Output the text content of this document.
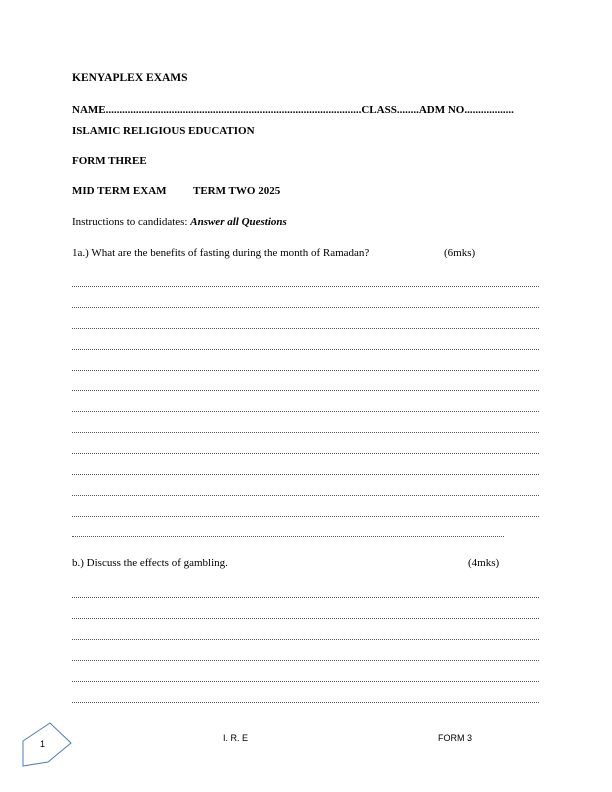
KENYAPLEX EXAMS
NAME.............................................................................................CLASS........ADM NO..................
ISLAMIC RELIGIOUS EDUCATION
FORM THREE
MID TERM EXAM TERM TWO 2025
Instructions to candidates: Answer all Questions
1a.) What are the benefits of fasting during the month of Ramadan?	(6mks)
b.) Discuss the effects of gambling.	(4mks)
1
I. R. E	FORM 3
